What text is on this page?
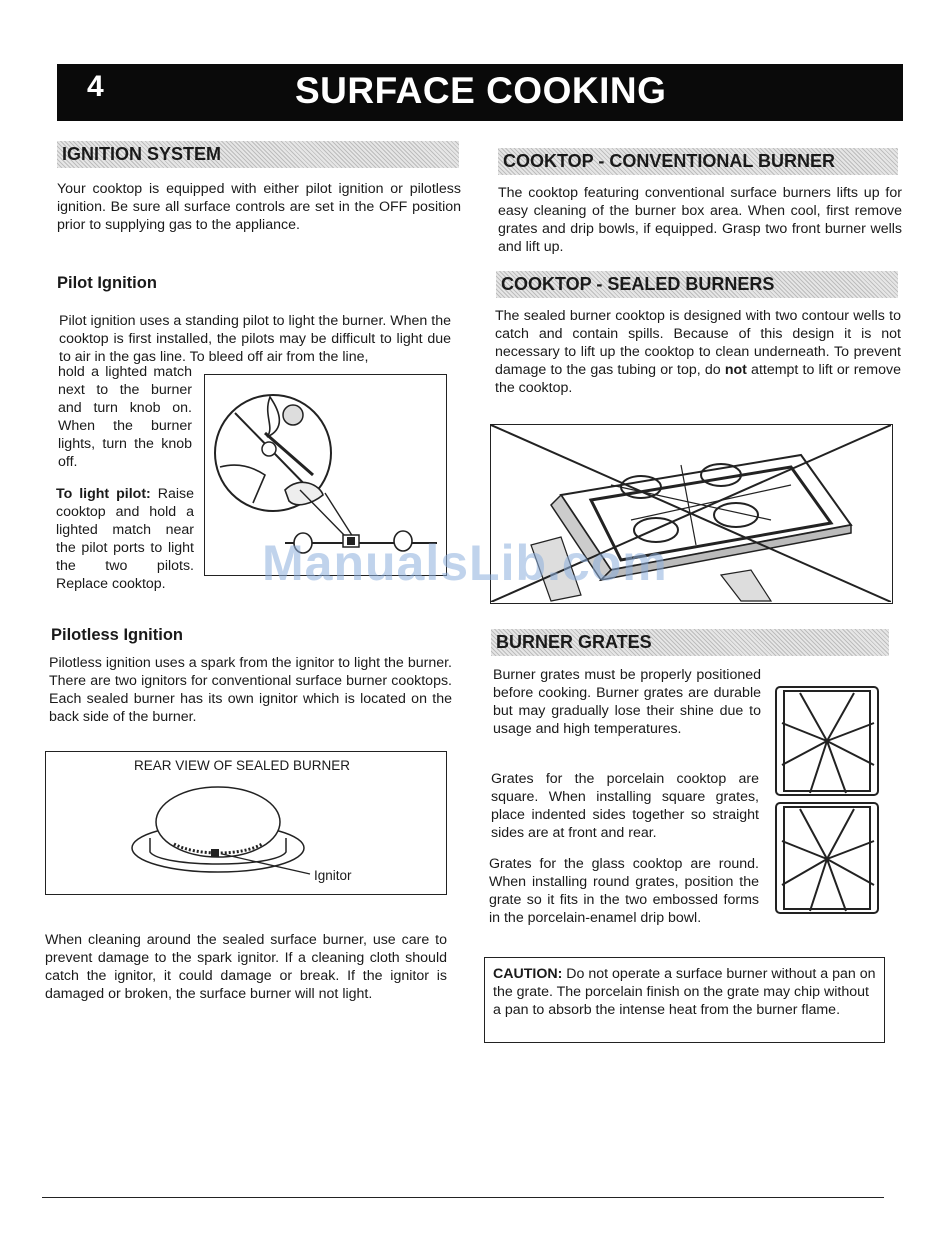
4	SURFACE COOKING
IGNITION SYSTEM
Your cooktop is equipped with either pilot ignition or pilotless ignition. Be sure all surface controls are set in the OFF position prior to supplying gas to the appliance.
Pilot Ignition
Pilot ignition uses a standing pilot to light the burner. When the cooktop is first installed, the pilots may be difficult to light due to air in the gas line. To bleed off air from the line,
hold a lighted match next to the burner and turn knob on. When the burner lights, turn the knob off.
To light pilot: Raise cooktop and hold a lighted match near the pilot ports to light the two pilots. Replace cooktop.
Pilotless Ignition
Pilotless ignition uses a spark from the ignitor to light the burner. There are two ignitors for conventional surface burner cooktops. Each sealed burner has its own ignitor which is located on the back side of the burner.
REAR VIEW OF SEALED BURNER
Ignitor
When cleaning around the sealed surface burner, use care to prevent damage to the spark ignitor. If a cleaning cloth should catch the ignitor, it could damage or break. If the ignitor is damaged or broken, the surface burner will not light.
COOKTOP - CONVENTIONAL BURNER
The cooktop featuring conventional surface burners lifts up for easy cleaning of the burner box area. When cool, first remove grates and drip bowls, if equipped. Grasp two front burner wells and lift up.
COOKTOP - SEALED BURNERS
The sealed burner cooktop is designed with two contour wells to catch and contain spills. Because of this design it is not necessary to lift up the cooktop to clean underneath. To prevent damage to the gas tubing or top, do not attempt to lift or remove the cooktop.
BURNER GRATES
Burner grates must be properly positioned before cooking. Burner grates are durable but may gradually lose their shine due to usage and high temperatures.
Grates for the porcelain cooktop are square. When installing square grates, place indented sides together so straight sides are at front and rear.
Grates for the glass cooktop are round. When installing round grates, position the grate so it fits in the two embossed forms in the porcelain-enamel drip bowl.
CAUTION: Do not operate a surface burner without a pan on the grate. The porcelain finish on the grate may chip without a pan to absorb the intense heat from the burner flame.
ManualsLib.com
